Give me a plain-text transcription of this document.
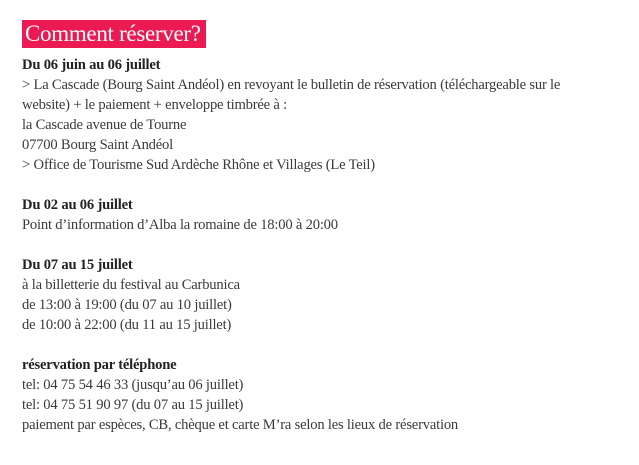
Comment réserver?
Du 06 juin au 06 juillet
> La Cascade (Bourg Saint Andéol) en revoyant le bulletin de réservation (téléchargeable sur le
website) + le paiement + enveloppe timbrée à :
la Cascade avenue de Tourne
07700 Bourg Saint Andéol
> Office de Tourisme Sud Ardèche Rhône et Villages (Le Teil)
Du 02 au 06 juillet
Point d’information d’Alba la romaine de 18:00 à 20:00
Du 07 au 15 juillet
à la billetterie du festival au Carbunica
de 13:00 à 19:00 (du 07 au 10 juillet)
de 10:00 à 22:00 (du 11 au 15 juillet)
réservation par téléphone
tel: 04 75 54 46 33 (jusqu’au 06 juillet)
tel: 04 75 51 90 97 (du 07 au 15 juillet)
paiement par espèces, CB, chèque et carte M’ra selon les lieux de réservation
